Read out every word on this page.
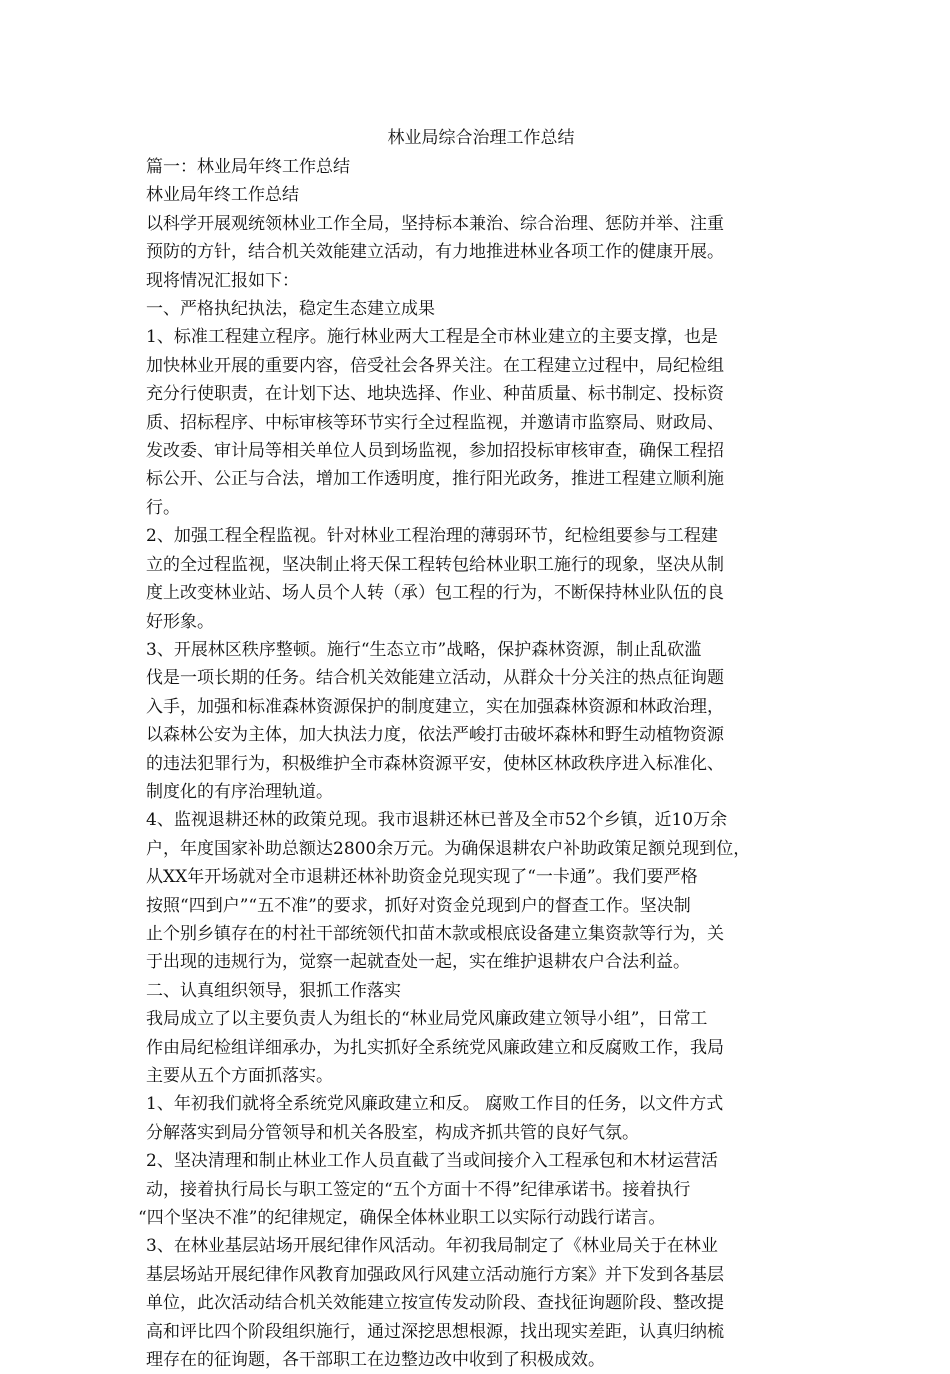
林业局综合治理工作总结
篇一：林业局年终工作总结
林业局年终工作总结
以科学开展观统领林业工作全局，坚持标本兼治、综合治理、惩防并举、注重
预防的方针，结合机关效能建立活动，有力地推进林业各项工作的健康开展。
现将情况汇报如下：
一、严格执纪执法，稳定生态建立成果
1、标准工程建立程序。施行林业两大工程是全市林业建立的主要支撑，也是
加快林业开展的重要内容，倍受社会各界关注。在工程建立过程中，局纪检组
充分行使职责，在计划下达、地块选择、作业、种苗质量、标书制定、投标资
质、招标程序、中标审核等环节实行全过程监视，并邀请市监察局、财政局、
发改委、审计局等相关单位人员到场监视，参加招投标审核审查，确保工程招
标公开、公正与合法，增加工作透明度，推行阳光政务，推进工程建立顺利施
行。
2、加强工程全程监视。针对林业工程治理的薄弱环节，纪检组要参与工程建
立的全过程监视，坚决制止将天保工程转包给林业职工施行的现象，坚决从制
度上改变林业站、场人员个人转（承）包工程的行为，不断保持林业队伍的良
好形象。
3、开展林区秩序整顿。施行“生态立市”战略，保护森林资源，制止乱砍滥
伐是一项长期的任务。结合机关效能建立活动，从群众十分关注的热点征询题
入手，加强和标准森林资源保护的制度建立，实在加强森林资源和林政治理，
以森林公安为主体，加大执法力度，依法严峻打击破坏森林和野生动植物资源
的违法犯罪行为，积极维护全市森林资源平安，使林区林政秩序进入标准化、
制度化的有序治理轨道。
4、监视退耕还林的政策兑现。我市退耕还林已普及全市52个乡镇，近10万余
户，年度国家补助总额达2800余万元。为确保退耕农户补助政策足额兑现到位，
从XX年开场就对全市退耕还林补助资金兑现实现了“一卡通”。我们要严格
按照“四到户”“五不准”的要求，抓好对资金兑现到户的督查工作。坚决制
止个别乡镇存在的村社干部统领代扣苗木款或根底设备建立集资款等行为，关
于出现的违规行为，觉察一起就查处一起，实在维护退耕农户合法利益。
二、认真组织领导，狠抓工作落实
我局成立了以主要负责人为组长的“林业局党风廉政建立领导小组”，日常工
作由局纪检组详细承办，为扎实抓好全系统党风廉政建立和反腐败工作，我局
主要从五个方面抓落实。
1、年初我们就将全系统党风廉政建立和反。 腐败工作目的任务，以文件方式
分解落实到局分管领导和机关各股室，构成齐抓共管的良好气氛。
2、坚决清理和制止林业工作人员直截了当或间接介入工程承包和木材运营活
动，接着执行局长与职工签定的“五个方面十不得”纪律承诺书。接着执行
“四个坚决不准”的纪律规定，确保全体林业职工以实际行动践行诺言。
3、在林业基层站场开展纪律作风活动。年初我局制定了《林业局关于在林业
基层场站开展纪律作风教育加强政风行风建立活动施行方案》并下发到各基层
单位，此次活动结合机关效能建立按宣传发动阶段、查找征询题阶段、整改提
高和评比四个阶段组织施行，通过深挖思想根源，找出现实差距，认真归纳梳
理存在的征询题，各干部职工在边整边改中收到了积极成效。
